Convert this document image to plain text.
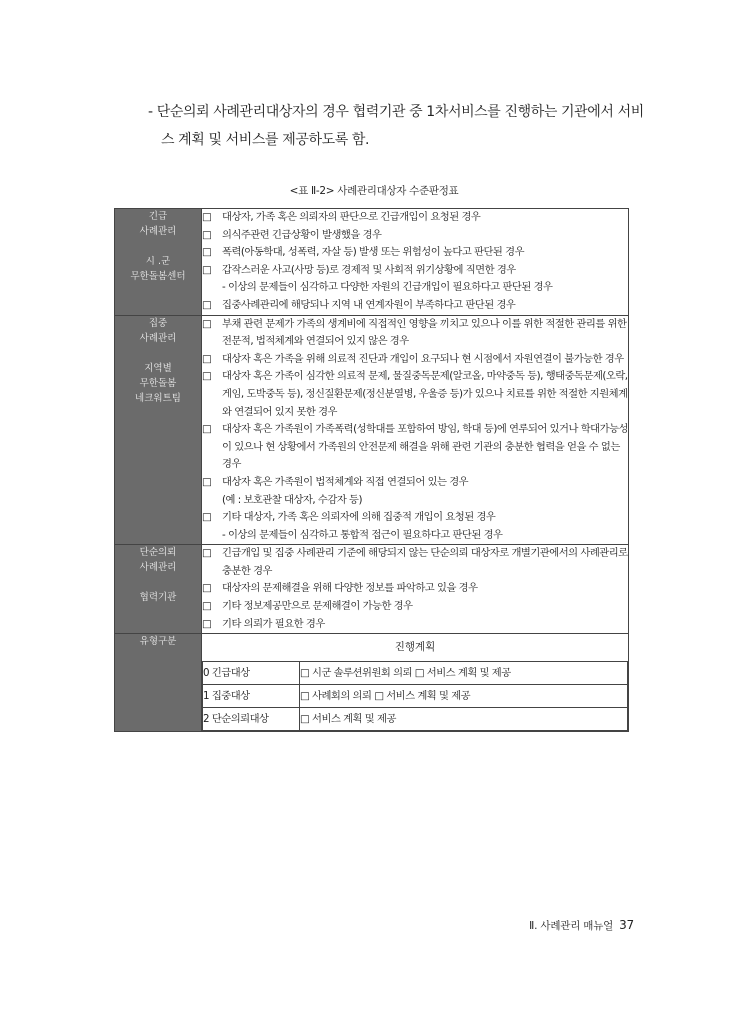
- 단순의뢰 사례관리대상자의 경우 협력기관 중 1차서비스를 진행하는 기관에서 서비
스 계획 및 서비스를 제공하도록 함.
<표 Ⅱ-2> 사례관리대상자 수준판정표
긴급
사례관리
시 .군
무한돌봄센터

□ 대상자, 가족 혹은 의뢰자의 판단으로 긴급개입이 요청된 경우
□ 의식주관련 긴급상황이 발생했을 경우
□ 폭력(아동학대, 성폭력, 자살 등) 발생 또는 위험성이 높다고 판단된 경우
□ 갑작스러운 사고(사망 등)로 경제적 및 사회적 위기상황에 직면한 경우
- 이상의 문제들이 심각하고 다양한 자원의 긴급개입이 필요하다고 판단된 경우
□ 집중사례관리에 해당되나 지역 내 연계자원이 부족하다고 판단된 경우

집중
사례관리
지역별
무한돌봄
네크워트팀

□ 부채 관련 문제가 가족의 생계비에 직접적인 영향을 끼치고 있으나 이를 위한 적절한 관리를 위한 전문적, 법적체계와 연결되어 있지 않은 경우
□ 대상자 혹은 가족을 위해 의료적 진단과 개입이 요구되나 현 시점에서 자원연결이 불가능한 경우
□ 대상자 혹은 가족이 심각한 의료적 문제, 물질중독문제(알코올, 마약중독 등), 행태중독문제(오락, 게임, 도박중독 등), 정신질환문제(정신분열병, 우울증 등)가 있으나 치료를 위한 적절한 지원체계와 연결되어 있지 못한 경우
□ 대상자 혹은 가족원이 가족폭력(성학대를 포함하여 방임, 학대 등)에 연루되어 있거나 학대가능성이 있으나 현 상황에서 가족원의 안전문제 해결을 위해 관련 기관의 충분한 협력을 얻을 수 없는 경우
□ 대상자 혹은 가족원이 법적체계와 직접 연결되어 있는 경우
(예 : 보호관찰 대상자, 수감자 등)
□ 기타 대상자, 가족 혹은 의뢰자에 의해 집중적 개입이 요청된 경우
- 이상의 문제들이 심각하고 통합적 접근이 필요하다고 판단된 경우

단순의뢰
사례관리
협력기관

□ 긴급개입 및 집중 사례관리 기준에 해당되지 않는 단순의뢰 대상자로 개별기관에서의 사례관리로 충분한 경우
□ 대상자의 문제해결을 위해 다양한 정보를 파악하고 있을 경우
□ 기타 정보제공만으로 문제해결이 가능한 경우
□ 기타 의뢰가 필요한 경우

유형구분	진행계획
0 긴급대상	□ 시군 솔루션위원회 의뢰 □ 서비스 계획 및 제공
1 집중대상	□ 사례회의 의뢰 □ 서비스 계획 및 제공
2 단순의뢰대상	□ 서비스 계획 및 제공
Ⅱ. 사례관리 매뉴얼 37
